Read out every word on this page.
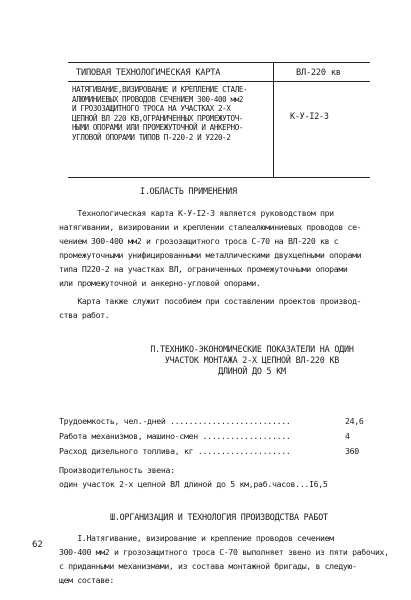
ТИПОВАЯ ТЕХНОЛОГИЧЕСКАЯ КАРТА	ВЛ-220 кв
НАТЯГИВАНИЕ,ВИЗИРОВАНИЕ И КРЕПЛЕНИЕ СТАЛЕ-
АЛЮМИНИЕВЫХ ПРОВОДОВ СЕЧЕНИЕМ 300-400 мм2
И ГРОЗОЗАЩИТНОГО ТРОСА НА УЧАСТКАХ 2-Х
ЦЕПНОЙ ВЛ 220 КВ,ОГРАНИЧЕННЫХ ПРОМЕЖУТОЧ-
НЫМИ ОПОРАМИ ИЛИ ПРОМЕЖУТОЧНОЙ И АНКЕРНО-
УГЛОВОЙ ОПОРАМИ ТИПОВ П-220-2 И У220-2
К-У-I2-3
I.ОБЛАСТЬ ПРИМЕНЕНИЯ
Технологическая карта К-У-I2-3 является руководством при
натягивании, визировании и креплении сталеалюминиевых проводов се-
чением 300-400 мм2 и грозозащитного троса С-70 на ВЛ-220 кв с
промежуточными унифицированными металлическими двухцепными опорами
типа П220-2 на участках ВЛ, ограниченных промежуточными опорами
или промежуточной и анкерно-угловой опорами.
Карта также служит пособием при составлении проектов производ-
ства работ.
П.ТЕХНИКО-ЭКОНОМИЧЕСКИЕ ПОКАЗАТЕЛИ НА ОДИН
УЧАСТОК МОНТАЖА 2-Х ЦЕПНОЙ ВЛ-220 КВ
ДЛИНОЙ ДО 5 КМ
Трудоемкость, чел.-дней ..........................	24,6
Работа механизмов, машино-смен ...................	4
Расход дизельного топлива, кг ....................	360
Производительность звена:
один участок 2-х цепной ВЛ длиной до 5 км,раб.часов...I6,5
Ш.ОРГАНИЗАЦИЯ И ТЕХНОЛОГИЯ ПРОИЗВОДСТВА РАБОТ
I.Натягивание, визирование и крепление проводов сечением
300-400 мм2 и грозозащитного троса С-70 выполняет звено из пяти рабочих,
с приданными механизмами, из состава монтажной бригады, в следую-
щем составе:
62
